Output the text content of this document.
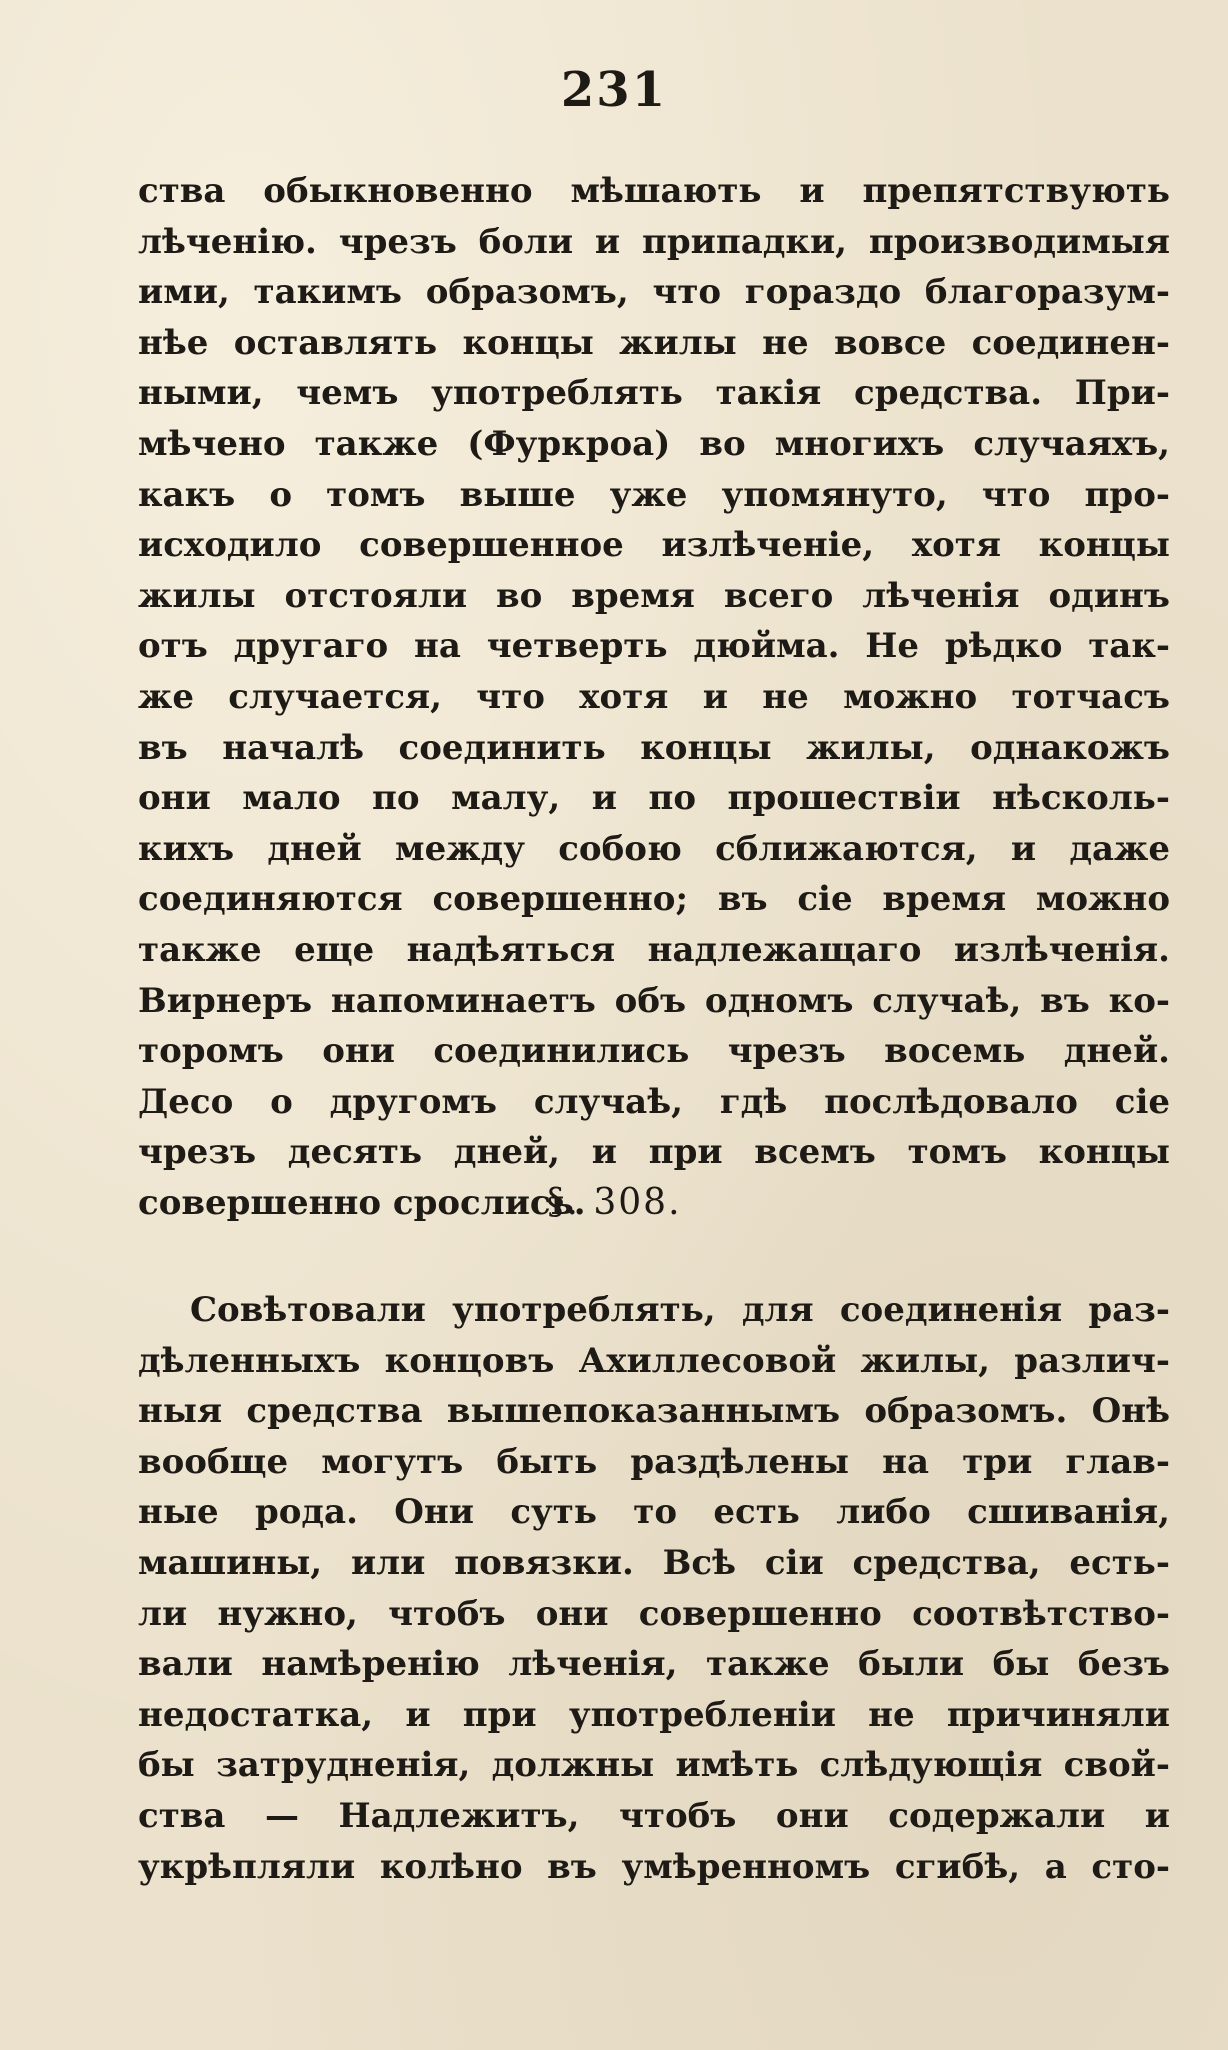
231
ства обыкновенно мѣшають и препятствують
лѣченію. чрезъ боли и припадки, производимыя
ими, такимъ образомъ, что гораздо благоразум-
нѣе оставлять концы жилы не вовсе соединен-
ными, чемъ употреблять такія средства. При-
мѣчено также (Фуркроа) во многихъ случаяхъ,
какъ о томъ выше уже упомянуто, что про-
исходило совершенное излѣченіе, хотя концы
жилы отстояли во время всего лѣченія одинъ
отъ другаго на четверть дюйма. Не рѣдко так-
же случается, что хотя и не можно тотчасъ
въ началѣ соединить концы жилы, однакожъ
они мало по малу, и по прошествіи нѣсколь-
кихъ дней между собою сближаются, и даже
соединяются совершенно; въ сіе время можно
также еще надѣяться надлежащаго излѣченія.
Вирнеръ напоминаетъ объ одномъ случаѣ, въ ко-
торомъ они соединились чрезъ восемь дней.
Десо о другомъ случаѣ, гдѣ послѣдовало сіе
чрезъ десять дней, и при всемъ томъ концы
совершенно срослись.
§. 308.
Совѣтовали употреблять, для соединенія раз-
дѣленныхъ концовъ Ахиллесовой жилы, различ-
ныя средства вышепоказаннымъ образомъ. Онѣ
вообще могутъ быть раздѣлены на три глав-
ные рода. Они суть то есть либо сшиванія,
машины, или повязки. Всѣ сіи средства, есть-
ли нужно, чтобъ они совершенно соотвѣтство-
вали намѣренію лѣченія, также были бы безъ
недостатка, и при употребленіи не причиняли
бы затрудненія, должны имѣть слѣдующія свой-
ства — Надлежитъ, чтобъ они содержали и
укрѣпляли колѣно въ умѣренномъ сгибѣ, а сто-
